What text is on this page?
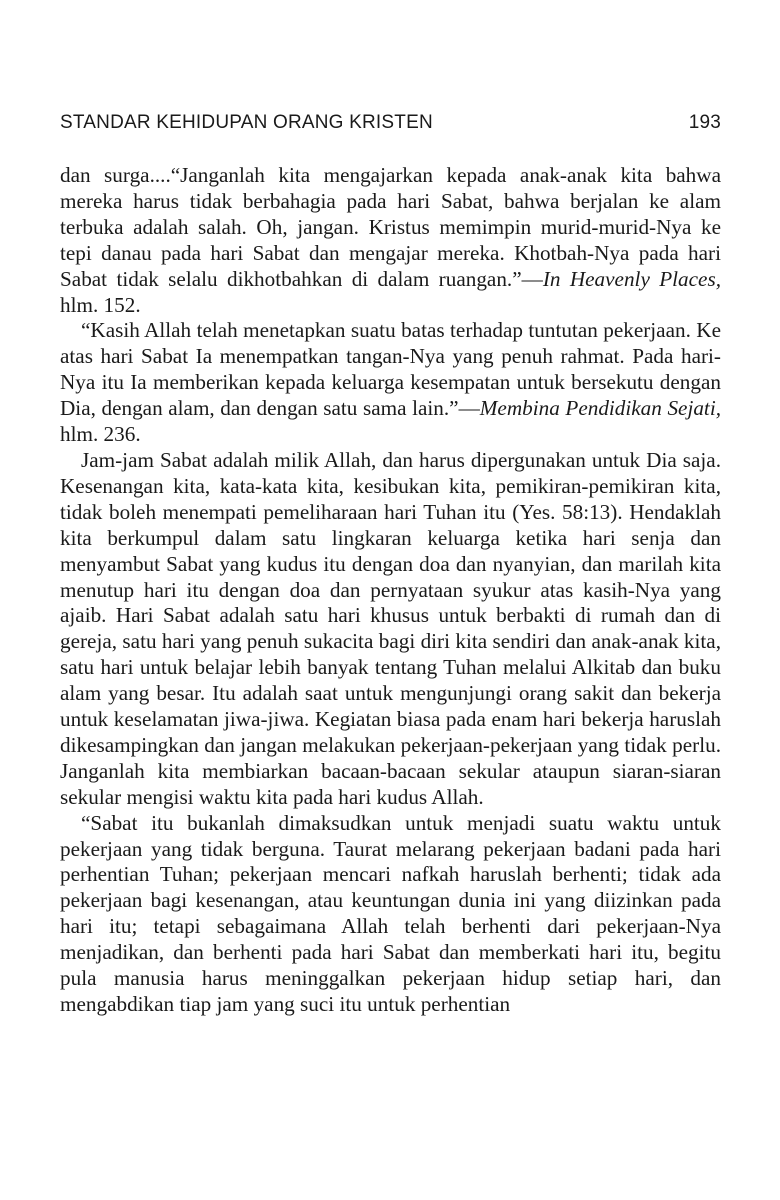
STANDAR KEHIDUPAN ORANG KRISTEN	193

dan surga....“Janganlah kita mengajarkan kepada anak-anak kita bahwa mereka harus tidak berbahagia pada hari Sabat, bahwa berjalan ke alam terbuka adalah salah. Oh, jangan. Kristus memimpin murid-murid-Nya ke tepi danau pada hari Sabat dan mengajar mereka. Khotbah-Nya pada hari Sabat tidak selalu dikhotbahkan di dalam ruangan.”—In Heavenly Places, hlm. 152.

“Kasih Allah telah menetapkan suatu batas terhadap tuntutan pekerjaan. Ke atas hari Sabat Ia menempatkan tangan-Nya yang penuh rahmat. Pada hari-Nya itu Ia memberikan kepada keluarga kesempatan untuk bersekutu dengan Dia, dengan alam, dan dengan satu sama lain.”—Membina Pendidikan Sejati, hlm. 236.

Jam-jam Sabat adalah milik Allah, dan harus dipergunakan untuk Dia saja. Kesenangan kita, kata-kata kita, kesibukan kita, pemikiran-pemikiran kita, tidak boleh menempati pemeliharaan hari Tuhan itu (Yes. 58:13). Hendaklah kita berkumpul dalam satu lingkaran keluarga ketika hari senja dan menyambut Sabat yang kudus itu dengan doa dan nyanyian, dan marilah kita menutup hari itu dengan doa dan pernyataan syukur atas kasih-Nya yang ajaib. Hari Sabat adalah satu hari khusus untuk berbakti di rumah dan di gereja, satu hari yang penuh sukacita bagi diri kita sendiri dan anak-anak kita, satu hari untuk belajar lebih banyak tentang Tuhan melalui Alkitab dan buku alam yang besar. Itu adalah saat untuk mengunjungi orang sakit dan bekerja untuk keselamatan jiwa-jiwa. Kegiatan biasa pada enam hari bekerja haruslah dikesampingkan dan jangan melakukan pekerjaan-pekerjaan yang tidak perlu. Janganlah kita membiarkan bacaan-bacaan sekular ataupun siaran-siaran sekular mengisi waktu kita pada hari kudus Allah.

“Sabat itu bukanlah dimaksudkan untuk menjadi suatu waktu untuk pekerjaan yang tidak berguna. Taurat melarang pekerjaan badani pada hari perhentian Tuhan; pekerjaan mencari nafkah haruslah berhenti; tidak ada pekerjaan bagi kesenangan, atau keuntungan dunia ini yang diizinkan pada hari itu; tetapi sebagaimana Allah telah berhenti dari pekerjaan-Nya menjadikan, dan berhenti pada hari Sabat dan memberkati hari itu, begitu pula manusia harus meninggalkan pekerjaan hidup setiap hari, dan mengabdikan tiap jam yang suci itu untuk perhentian
